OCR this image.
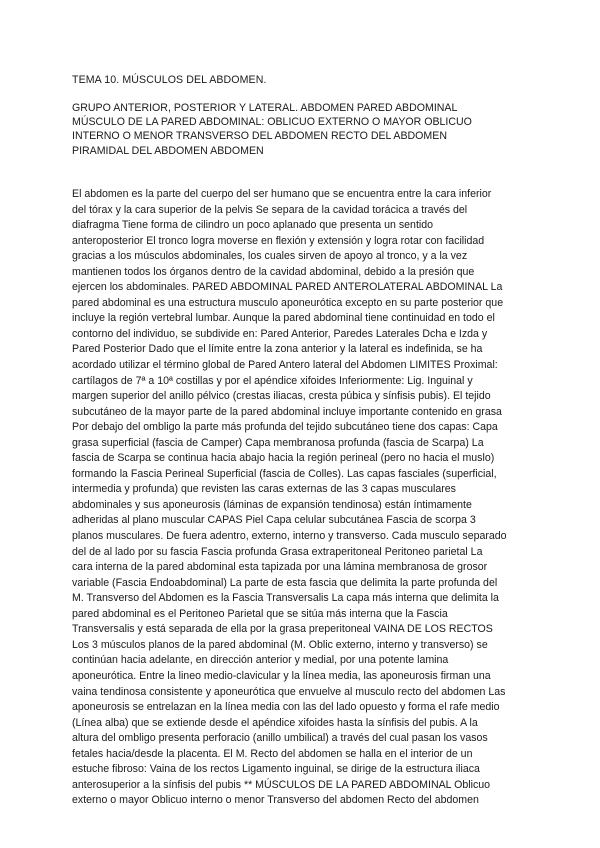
TEMA 10. MÚSCULOS DEL ABDOMEN.
GRUPO ANTERIOR, POSTERIOR Y LATERAL. ABDOMEN PARED ABDOMINAL
MÚSCULO DE LA PARED ABDOMINAL: OBLICUO EXTERNO O MAYOR OBLICUO
INTERNO O MENOR TRANSVERSO DEL ABDOMEN RECTO DEL ABDOMEN
PIRAMIDAL DEL ABDOMEN ABDOMEN

El abdomen es la parte del cuerpo del ser humano que se encuentra entre la cara inferior
del tórax y la cara superior de la pelvis Se separa de la cavidad torácica a través del
diafragma Tiene forma de cilindro un poco aplanado que presenta un sentido
anteroposterior El tronco logra moverse en flexión y extensión y logra rotar con facilidad
gracias a los músculos abdominales, los cuales sirven de apoyo al tronco, y a la vez
mantienen todos los órganos dentro de la cavidad abdominal, debido a la presión que
ejercen los abdominales. PARED ABDOMINAL PARED ANTEROLATERAL ABDOMINAL La
pared abdominal es una estructura musculo aponeurótica excepto en su parte posterior que
incluye la región vertebral lumbar. Aunque la pared abdominal tiene continuidad en todo el
contorno del individuo, se subdivide en: Pared Anterior, Paredes Laterales Dcha e Izda y
Pared Posterior Dado que el límite entre la zona anterior y la lateral es indefinida, se ha
acordado utilizar el término global de Pared Antero lateral del Abdomen LIMITES Proximal:
cartílagos de 7ª a 10ª costillas y por el apéndice xifoides Inferiormente: Lig. Inguinal y
margen superior del anillo pélvico (crestas iliacas, cresta púbica y sínfisis pubis). El tejido
subcutáneo de la mayor parte de la pared abdominal incluye importante contenido en grasa
Por debajo del ombligo la parte más profunda del tejido subcutáneo tiene dos capas: Capa
grasa superficial (fascia de Camper) Capa membranosa profunda (fascia de Scarpa) La
fascia de Scarpa se continua hacia abajo hacia la región perineal (pero no hacia el muslo)
formando la Fascia Perineal Superficial (fascia de Colles). Las capas fasciales (superficial,
intermedia y profunda) que revisten las caras externas de las 3 capas musculares
abdominales y sus aponeurosis (láminas de expansión tendinosa) están íntimamente
adheridas al plano muscular CAPAS Piel Capa celular subcutánea Fascia de scorpa 3
planos musculares. De fuera adentro, externo, interno y transverso. Cada musculo separado
del de al lado por su fascia Fascia profunda Grasa extraperitoneal Peritoneo parietal La
cara interna de la pared abdominal esta tapizada por una lámina membranosa de grosor
variable (Fascia Endoabdominal) La parte de esta fascia que delimita la parte profunda del
M. Transverso del Abdomen es la Fascia Transversalis La capa más interna que delimita la
pared abdominal es el Peritoneo Parietal que se sitúa más interna que la Fascia
Transversalis y está separada de ella por la grasa preperitoneal VAINA DE LOS RECTOS
Los 3 músculos planos de la pared abdominal (M. Oblic externo, interno y transverso) se
continúan hacia adelante, en dirección anterior y medial, por una potente lamina
aponeurótica. Entre la lineo medio-clavicular y la línea media, las aponeurosis firman una
vaina tendinosa consistente y aponeurótica que envuelve al musculo recto del abdomen Las
aponeurosis se entrelazan en la línea media con las del lado opuesto y forma el rafe medio
(Línea alba) que se extiende desde el apéndice xifoides hasta la sínfisis del pubis. A la
altura del ombligo presenta perforacio (anillo umbilical) a través del cual pasan los vasos
fetales hacia/desde la placenta. El M. Recto del abdomen se halla en el interior de un
estuche fibroso: Vaina de los rectos Ligamento inguinal, se dirige de la estructura iliaca
anterosuperior a la sínfisis del pubis ** MÚSCULOS DE LA PARED ABDOMINAL Oblicuo
externo o mayor Oblicuo interno o menor Transverso del abdomen Recto del abdomen
